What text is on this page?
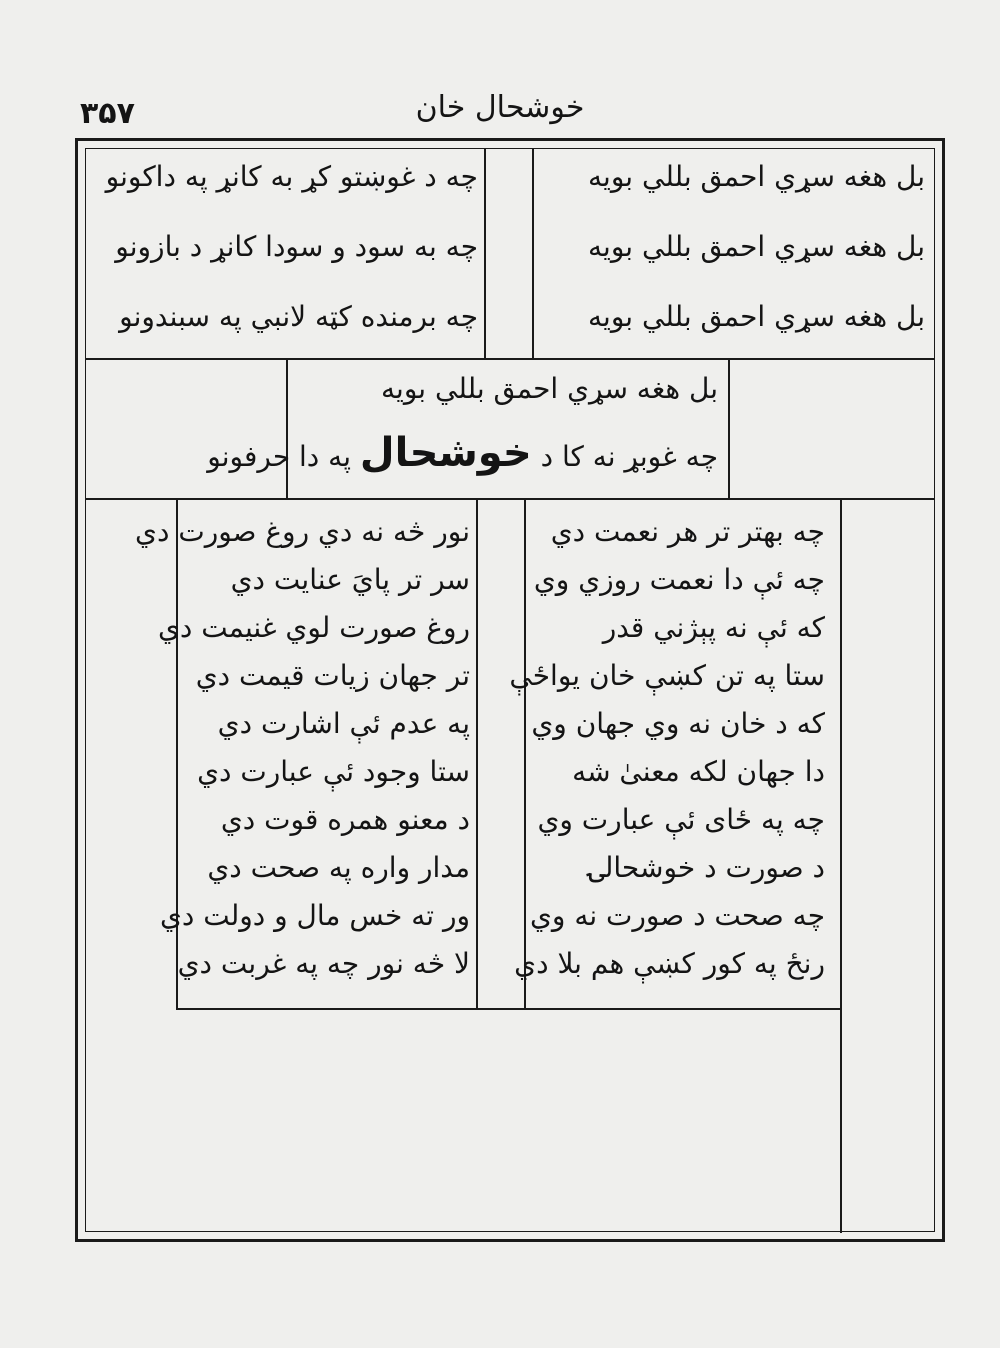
۳۵۷	خوشحال خان
بل هغه سړي احمق بللي بويه
بل هغه سړي احمق بللي بويه
بل هغه سړي احمق بللي بويه
چه د غوښتو کړ به کانړ په داکونو
چه به سود و سودا کانړ د بازونو
چه برمنده کټه لانبي په سبندونو
بل هغه سړي احمق بللي بويه
چه غوبړ نه کا د خوشحال په دا حرفونو
چه بهتر تر هر نعمت دي
چه ئې دا نعمت روزي وي
که ئې نه پېژني قدر
ستا په تن کښې خان يواځې
که د خان نه وي جهان وي
دا جهان لکه معنیٰ شه
چه په ځای ئې عبارت وي
د صورت د خوشحالۍ
چه صحت د صورت نه وي
رنځ په کور کښې هم بلا دي
نور څه نه دي روغ صورت دي
سر تر پايَ عنايت دي
روغ صورت لوي غنيمت دي
تر جهان زيات قيمت دي
په عدم ئې اشارت دي
ستا وجود ئې عبارت دي
د معنو همره قوت دي
مدار واره په صحت دي
ور ته خس مال و دولت دي
لا څه نور چه په غربت دي
